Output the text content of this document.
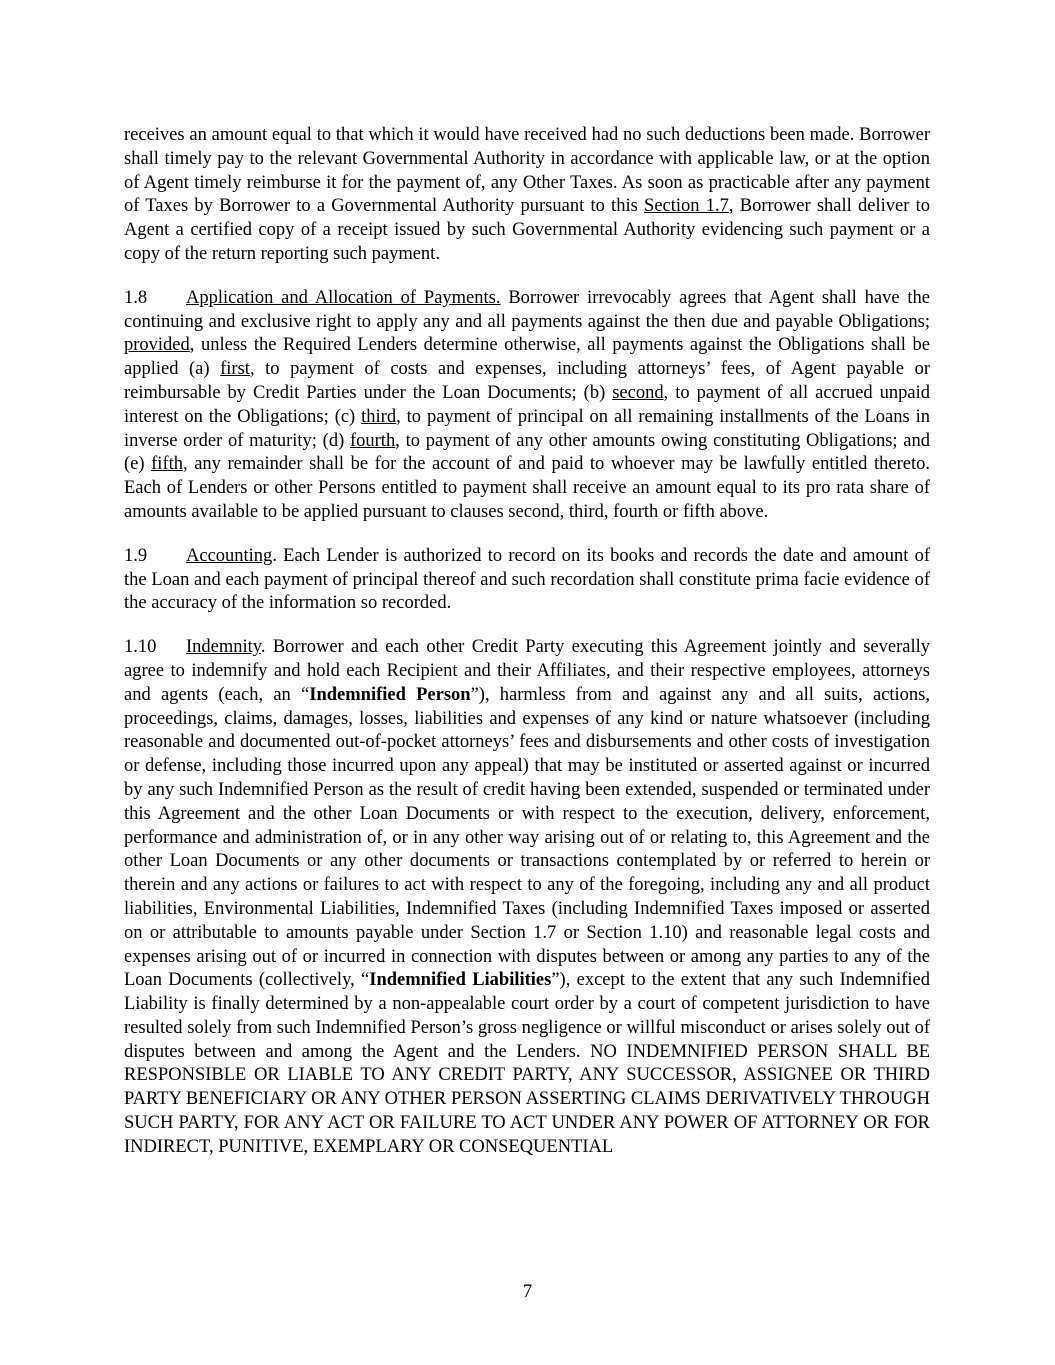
receives an amount equal to that which it would have received had no such deductions been made. Borrower shall timely pay to the relevant Governmental Authority in accordance with applicable law, or at the option of Agent timely reimburse it for the payment of, any Other Taxes. As soon as practicable after any payment of Taxes by Borrower to a Governmental Authority pursuant to this Section 1.7, Borrower shall deliver to Agent a certified copy of a receipt issued by such Governmental Authority evidencing such payment or a copy of the return reporting such payment.

1.8 Application and Allocation of Payments. Borrower irrevocably agrees that Agent shall have the continuing and exclusive right to apply any and all payments against the then due and payable Obligations; provided, unless the Required Lenders determine otherwise, all payments against the Obligations shall be applied (a) first, to payment of costs and expenses, including attorneys’ fees, of Agent payable or reimbursable by Credit Parties under the Loan Documents; (b) second, to payment of all accrued unpaid interest on the Obligations; (c) third, to payment of principal on all remaining installments of the Loans in inverse order of maturity; (d) fourth, to payment of any other amounts owing constituting Obligations; and (e) fifth, any remainder shall be for the account of and paid to whoever may be lawfully entitled thereto. Each of Lenders or other Persons entitled to payment shall receive an amount equal to its pro rata share of amounts available to be applied pursuant to clauses second, third, fourth or fifth above.

1.9 Accounting. Each Lender is authorized to record on its books and records the date and amount of the Loan and each payment of principal thereof and such recordation shall constitute prima facie evidence of the accuracy of the information so recorded.

1.10 Indemnity. Borrower and each other Credit Party executing this Agreement jointly and severally agree to indemnify and hold each Recipient and their Affiliates, and their respective employees, attorneys and agents (each, an “Indemnified Person”), harmless from and against any and all suits, actions, proceedings, claims, damages, losses, liabilities and expenses of any kind or nature whatsoever (including reasonable and documented out-of-pocket attorneys’ fees and disbursements and other costs of investigation or defense, including those incurred upon any appeal) that may be instituted or asserted against or incurred by any such Indemnified Person as the result of credit having been extended, suspended or terminated under this Agreement and the other Loan Documents or with respect to the execution, delivery, enforcement, performance and administration of, or in any other way arising out of or relating to, this Agreement and the other Loan Documents or any other documents or transactions contemplated by or referred to herein or therein and any actions or failures to act with respect to any of the foregoing, including any and all product liabilities, Environmental Liabilities, Indemnified Taxes (including Indemnified Taxes imposed or asserted on or attributable to amounts payable under Section 1.7 or Section 1.10) and reasonable legal costs and expenses arising out of or incurred in connection with disputes between or among any parties to any of the Loan Documents (collectively, “Indemnified Liabilities”), except to the extent that any such Indemnified Liability is finally determined by a non-appealable court order by a court of competent jurisdiction to have resulted solely from such Indemnified Person’s gross negligence or willful misconduct or arises solely out of disputes between and among the Agent and the Lenders. NO INDEMNIFIED PERSON SHALL BE RESPONSIBLE OR LIABLE TO ANY CREDIT PARTY, ANY SUCCESSOR, ASSIGNEE OR THIRD PARTY BENEFICIARY OR ANY OTHER PERSON ASSERTING CLAIMS DERIVATIVELY THROUGH SUCH PARTY, FOR ANY ACT OR FAILURE TO ACT UNDER ANY POWER OF ATTORNEY OR FOR INDIRECT, PUNITIVE, EXEMPLARY OR CONSEQUENTIAL

7
